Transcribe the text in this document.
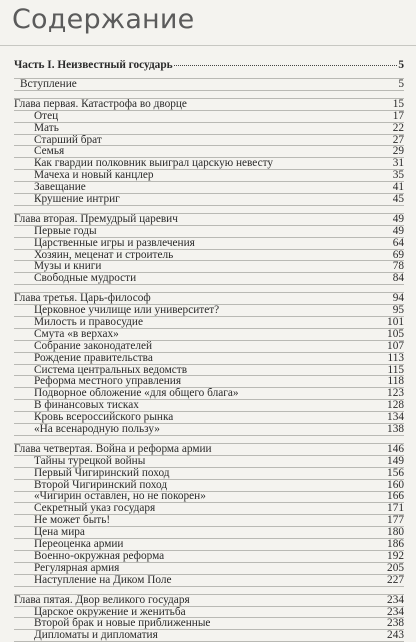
Содержание
Часть I. Неизвестный государь	5
Вступление	5
Глава первая. Катастрофа во дворце	15
Отец	17
Мать	22
Старший брат	27
Семья	29
Как гвардии полковник выиграл царскую невесту	31
Мачеха и новый канцлер	35
Завещание	41
Крушение интриг	45
Глава вторая. Премудрый царевич	49
Первые годы	49
Царственные игры и развлечения	64
Хозяин, меценат и строитель	69
Музы и книги	78
Свободные мудрости	84
Глава третья. Царь-философ	94
Церковное училище или университет?	95
Милость и правосудие	101
Смута «в верхах»	105
Собрание законодателей	107
Рождение правительства	113
Система центральных ведомств	115
Реформа местного управления	118
Подворное обложение «для общего блага»	123
В финансовых тисках	128
Кровь всероссийского рынка	134
«На всенародную пользу»	138
Глава четвертая. Война и реформа армии	146
Тайны турецкой войны	149
Первый Чигиринский поход	156
Второй Чигиринский поход	160
«Чигирин оставлен, но не покорен»	166
Секретный указ государя	171
Не может быть!	177
Цена мира	180
Переоценка армии	186
Военно-окружная реформа	192
Регулярная армия	205
Наступление на Диком Поле	227
Глава пятая. Двор великого государя	234
Царское окружение и женитьба	234
Второй брак и новые приближенные	238
Дипломаты и дипломатия	243
